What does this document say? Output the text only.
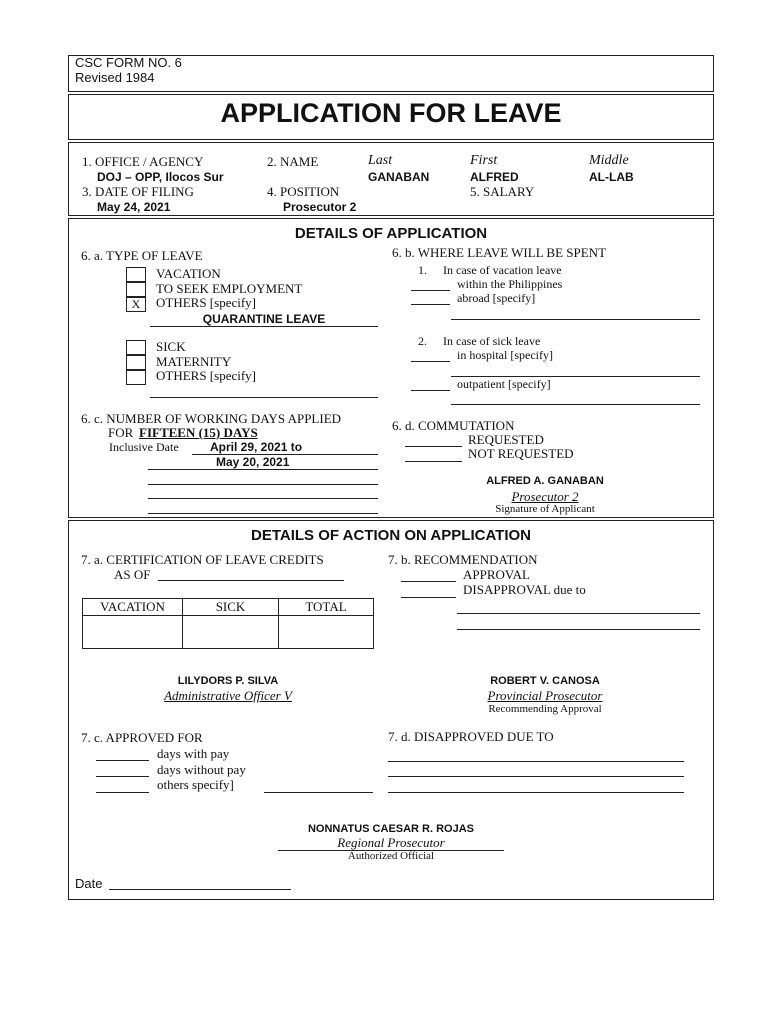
CSC FORM NO. 6
Revised 1984
APPLICATION FOR LEAVE
1. OFFICE / AGENCY
DOJ – OPP, Ilocos Sur
2. NAME	Last	First	Middle
GANABAN	ALFRED	AL-LAB
3. DATE OF FILING
May 24, 2021
4. POSITION
Prosecutor 2
5. SALARY
DETAILS OF APPLICATION
6. a. TYPE OF LEAVE
X
VACATION
TO SEEK EMPLOYMENT
OTHERS [specify]
QUARANTINE LEAVE
SICK
MATERNITY
OTHERS [specify]
6. b. WHERE LEAVE WILL BE SPENT
1. In case of vacation leave
within the Philippines
abroad [specify]
2. In case of sick leave
in hospital [specify]
outpatient [specify]
6. c. NUMBER OF WORKING DAYS APPLIED
FOR FIFTEEN (15) DAYS
Inclusive Date	April 29, 2021 to
May 20, 2021
6. d. COMMUTATION
REQUESTED
NOT REQUESTED
ALFRED A. GANABAN
Prosecutor 2
Signature of Applicant
DETAILS OF ACTION ON APPLICATION
7. a. CERTIFICATION OF LEAVE CREDITS
AS OF
VACATION	SICK	TOTAL

7. b. RECOMMENDATION
APPROVAL
DISAPPROVAL due to
LILYDORS P. SILVA
Administrative Officer V
ROBERT V. CANOSA
Provincial Prosecutor
Recommending Approval
7. c. APPROVED FOR
days with pay
days without pay
others specify]
7. d. DISAPPROVED DUE TO
NONNATUS CAESAR R. ROJAS
Regional Prosecutor
Authorized Official
Date
